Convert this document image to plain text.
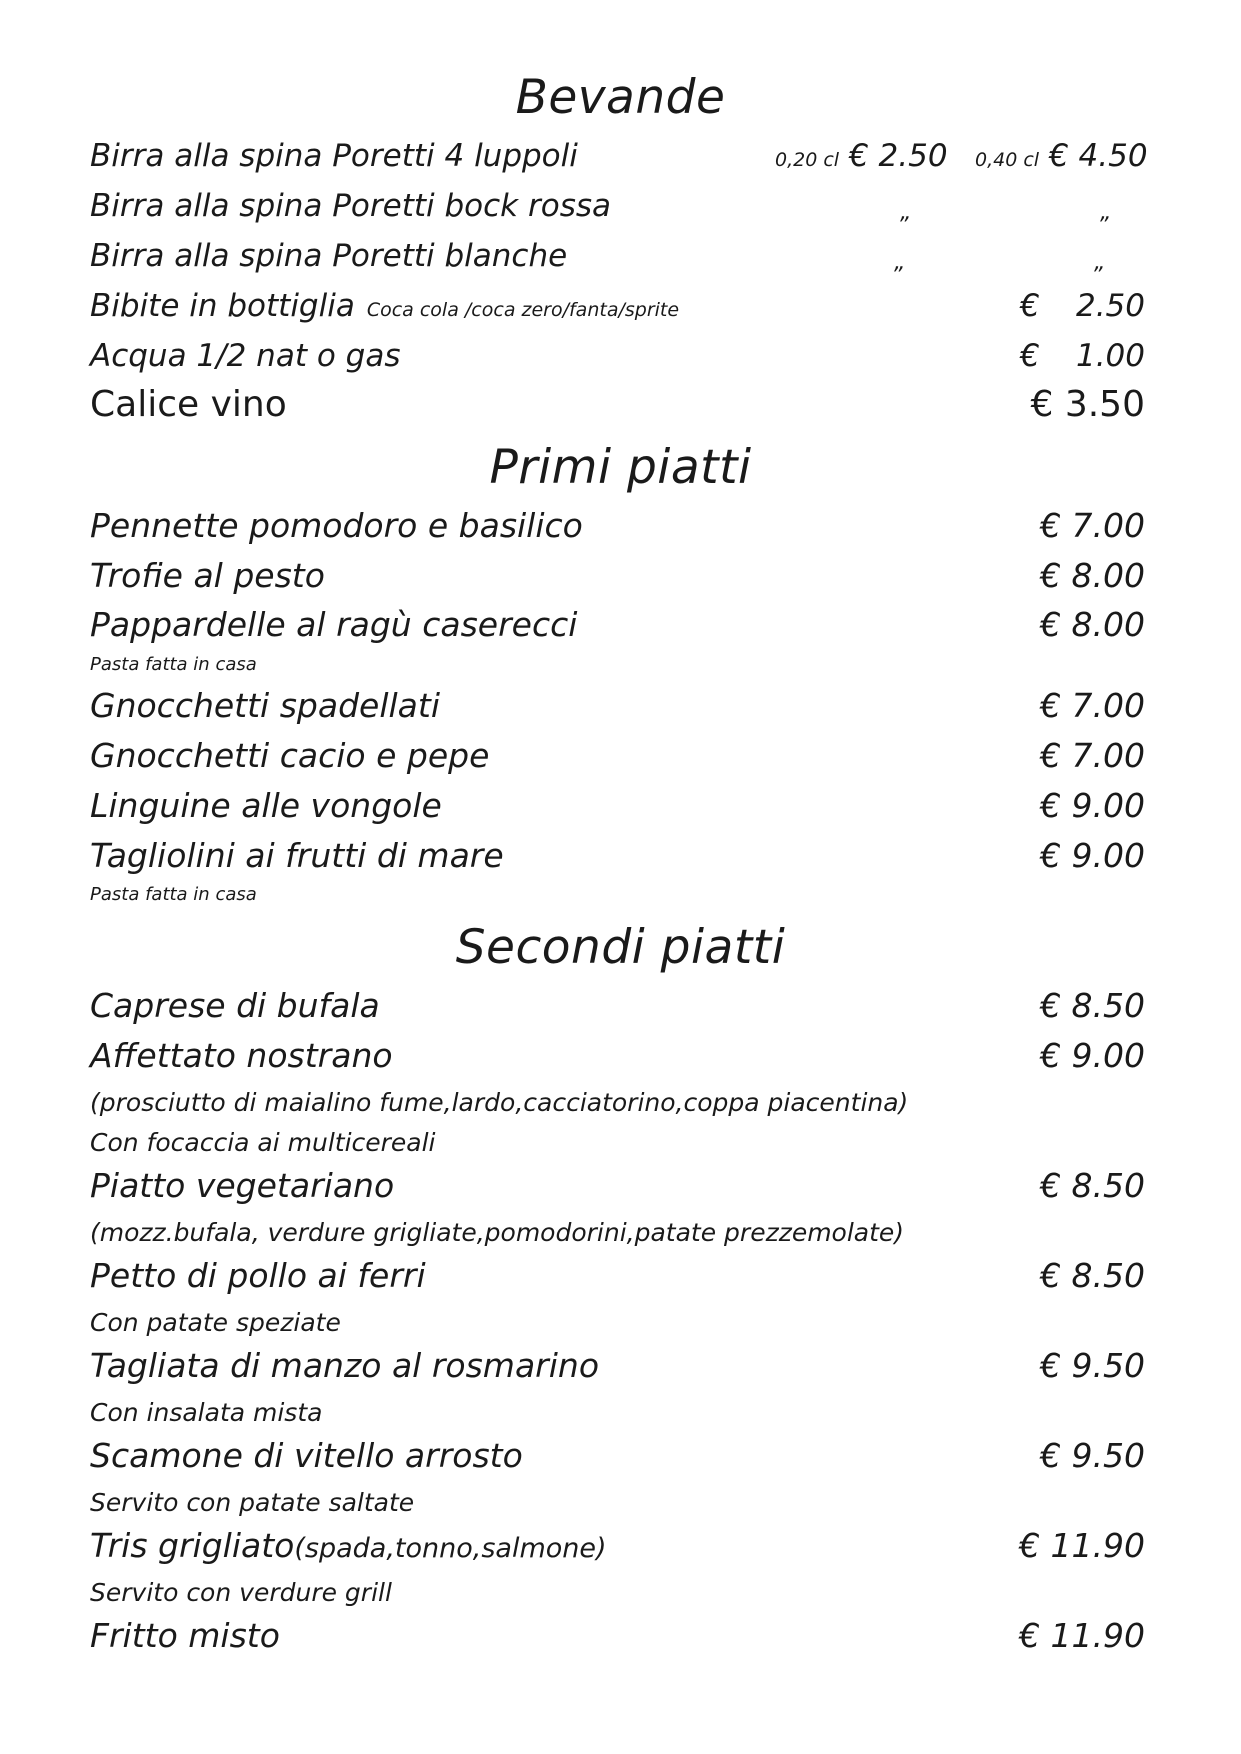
Bevande
Birra alla spina Poretti 4 luppoli	0,20 cl € 2.50 0,40 cl € 4.50
Birra alla spina Poretti bock rossa	„	„
Birra alla spina Poretti blanche	„	„
Bibite in bottiglia Coca cola /coca zero/fanta/sprite	€ 2.50
Acqua 1/2 nat o gas	€ 1.00
Calice vino	€ 3.50
Primi piatti
Pennette pomodoro e basilico	€ 7.00
Trofie al pesto	€ 8.00
Pappardelle al ragù caserecci	€ 8.00
Pasta fatta in casa
Gnocchetti spadellati	€ 7.00
Gnocchetti cacio e pepe	€ 7.00
Linguine alle vongole	€ 9.00
Tagliolini ai frutti di mare	€ 9.00
Pasta fatta in casa
Secondi piatti
Caprese di bufala	€ 8.50
Affettato nostrano	€ 9.00
(prosciutto di maialino fume,lardo,cacciatorino,coppa piacentina)
Con focaccia ai multicereali
Piatto vegetariano	€ 8.50
(mozz.bufala, verdure grigliate,pomodorini,patate prezzemolate)
Petto di pollo ai ferri	€ 8.50
Con patate speziate
Tagliata di manzo al rosmarino	€ 9.50
Con insalata mista
Scamone di vitello arrosto	€ 9.50
Servito con patate saltate
Tris grigliato(spada,tonno,salmone)	€ 11.90
Servito con verdure grill
Fritto misto	€ 11.90
